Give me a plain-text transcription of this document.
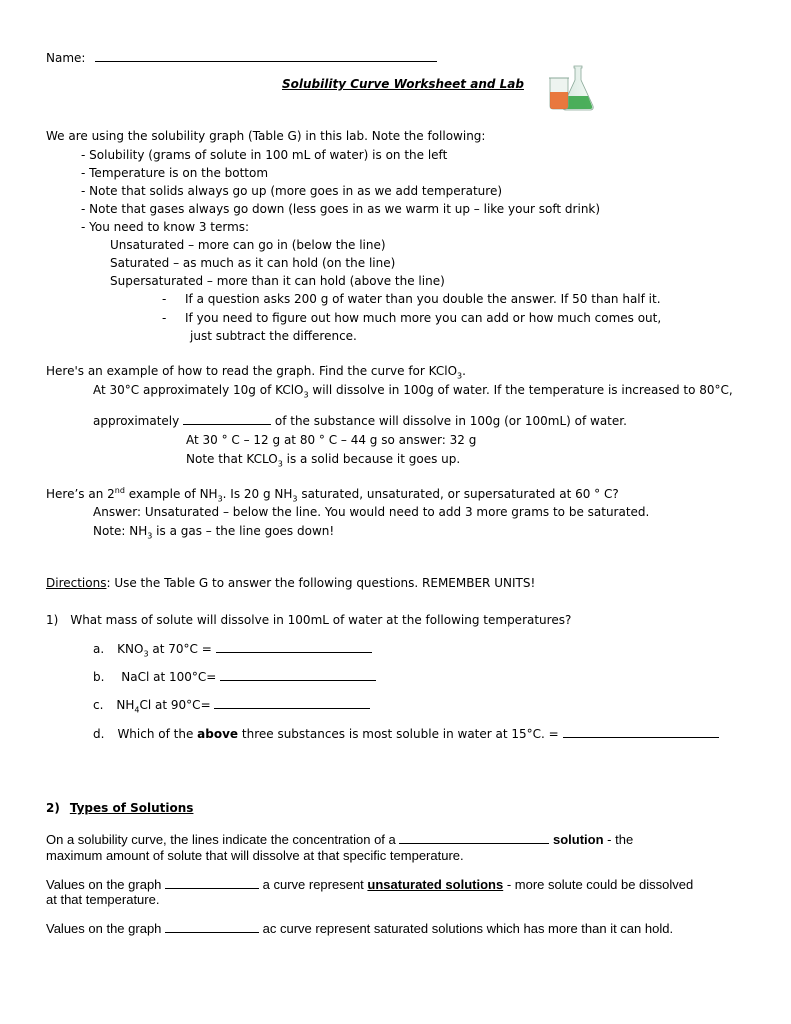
Name:
Solubility Curve Worksheet and Lab
We are using the solubility graph (Table G) in this lab. Note the following:
- Solubility (grams of solute in 100 mL of water) is on the left
- Temperature is on the bottom
- Note that solids always go up (more goes in as we add temperature)
- Note that gases always go down (less goes in as we warm it up – like your soft drink)
- You need to know 3 terms:
Unsaturated – more can go in (below the line)
Saturated – as much as it can hold (on the line)
Supersaturated – more than it can hold (above the line)
- If a question asks 200 g of water than you double the answer. If 50 than half it.
- If you need to figure out how much more you can add or how much comes out,
just subtract the difference.
Here's an example of how to read the graph. Find the curve for KClO$_3$.
At 30°C approximately 10g of KClO$_3$ will dissolve in 100g of water. If the temperature is increased to 80°C,
approximately	of the substance will dissolve in 100g (or 100mL) of water.
At 30 ° C – 12 g at 80 ° C – 44 g so answer: 32 g
Note that $KCLO_3$ is a solid because it goes up.
Here’s an 2nd example of $NH_3$. Is 20 g $NH_3$ saturated, unsaturated, or supersaturated at 60 ° C?
Answer: Unsaturated – below the line. You would need to add 3 more grams to be saturated.
Note: $NH_3$ is a gas – the line goes down!
Directions: Use the Table G to answer the following questions. REMEMBER UNITS!
1) What mass of solute will dissolve in 100mL of water at the following temperatures?
a. $KNO_3$ at 70°C =
b. NaCl at 100°C=
c. $NH_4Cl$ at 90°C=
d. Which of the above three substances is most soluble in water at 15°C. =
2) Types of Solutions
On a solubility curve, the lines indicate the concentration of a	solution - the
maximum amount of solute that will dissolve at that specific temperature.
Values on the graph	a curve represent unsaturated solutions - more solute could be dissolved
at that temperature.
Values on the graph	ac curve represent saturated solutions which has more than it can hold.
